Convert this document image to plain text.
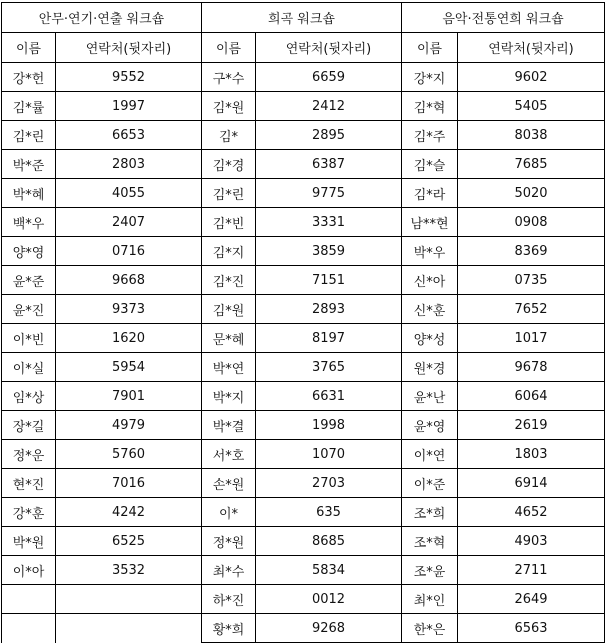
안무·연기·연출 워크숍		희곡 워크숍		음악·전통연희 워크숍	
이름	연락처(뒷자리)	이름	연락처(뒷자리)	이름	연락처(뒷자리)
강*헌	9552	구*수	6659	강*지	9602
김*률	1997	김*원	2412	김*혁	5405
김*린	6653	김*	2895	김*주	8038
박*준	2803	김*경	6387	김*슬	7685
박*혜	4055	김*린	9775	김*라	5020
백*우	2407	김*빈	3331	남**현	0908
양*영	0716	김*지	3859	박*우	8369
윤*준	9668	김*진	7151	신*아	0735
윤*진	9373	김*원	2893	신*훈	7652
이*빈	1620	문*혜	8197	양*성	1017
이*실	5954	박*연	3765	원*경	9678
임*상	7901	박*지	6631	윤*난	6064
장*길	4979	박*결	1998	윤*영	2619
정*운	5760	서*호	1070	이*연	1803
현*진	7016	손*원	2703	이*준	6914
강*훈	4242	이*	635	조*희	4652
박*원	6525	정*원	8685	조*혁	4903
이*아	3532	최*수	5834	조*윤	2711
		하*진	0012	최*인	2649
		황*희	9268	한*은	6563
